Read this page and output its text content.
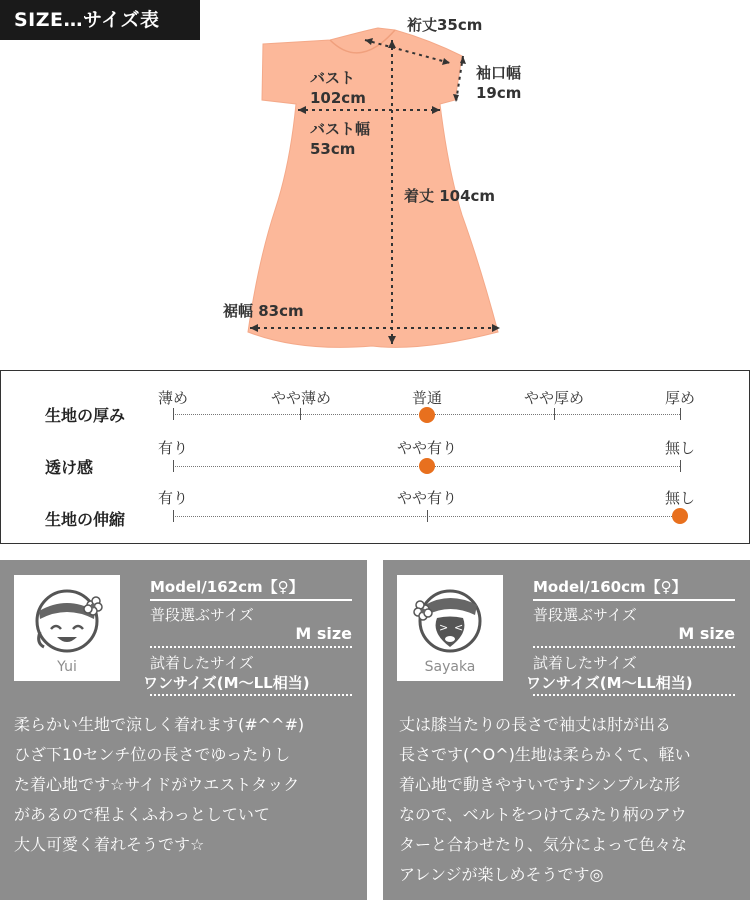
SIZE…サイズ表	裄丈35cm
袖口幅
19cm
バスト
102cm
バスト幅
53cm
着丈 104cm
裾幅 83cm
生地の厚み
薄め	やや薄め	普通	やや厚め	厚め
透け感
有り	やや有り	無し
生地の伸縮
有り	やや有り	無し
Yui
Model/162cm【♀】
普段選ぶサイズ
M size
試着したサイズ
ワンサイズ(M〜LL相当)
柔らかい生地で涼しく着れます(#^^#)
ひざ下10センチ位の長さでゆったりし
た着心地です☆サイドがウエストタック
があるので程よくふわっとしていて
大人可愛く着れそうです☆
> <
Sayaka
Model/160cm【♀】
普段選ぶサイズ
M size
試着したサイズ
ワンサイズ(M〜LL相当)
丈は膝当たりの長さで袖丈は肘が出る
長さです(^O^)生地は柔らかくて、軽い
着心地で動きやすいです♪シンプルな形
なので、ベルトをつけてみたり柄のアウ
ターと合わせたり、気分によって色々な
アレンジが楽しめそうです◎
